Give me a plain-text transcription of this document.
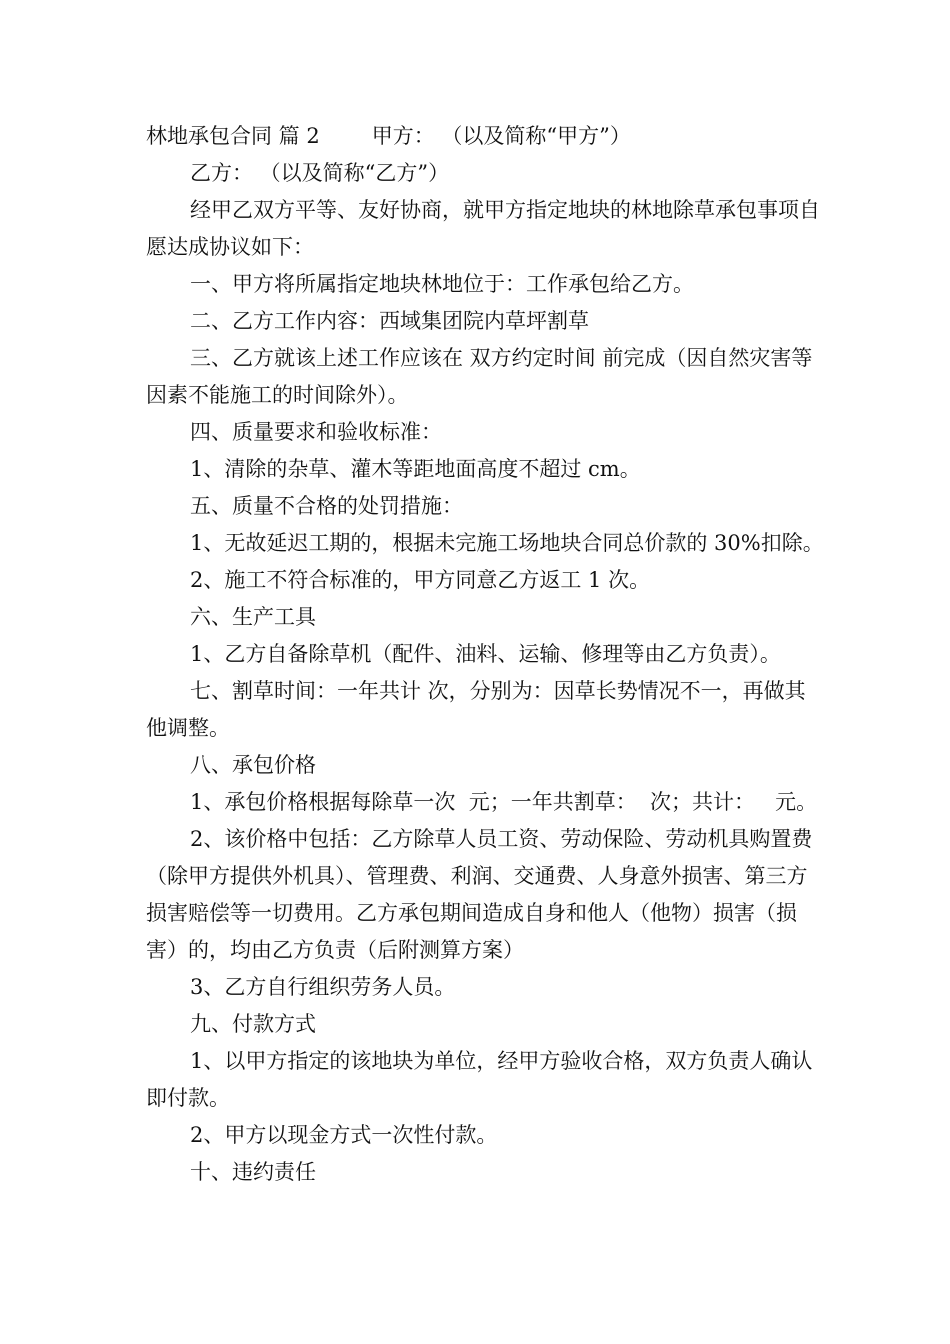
林地承包合同 篇 2 甲方： （以及简称“甲方”）

乙方： （以及简称“乙方”）

经甲乙双方平等、友好协商，就甲方指定地块的林地除草承包事项自愿达成协议如下：

一、甲方将所属指定地块林地位于：工作承包给乙方。

二、乙方工作内容：西域集团院内草坪割草

三、乙方就该上述工作应该在 双方约定时间 前完成（因自然灾害等因素不能施工的时间除外）。

四、质量要求和验收标准：

1、清除的杂草、灌木等距地面高度不超过 cm。

五、质量不合格的处罚措施：

1、无故延迟工期的，根据未完施工场地块合同总价款的 30%扣除。

2、施工不符合标准的，甲方同意乙方返工 1 次。

六、生产工具

1、乙方自备除草机（配件、油料、运输、修理等由乙方负责）。

七、割草时间：一年共计 次，分别为：因草长势情况不一，再做其他调整。

八、承包价格

1、承包价格根据每除草一次  元；一年共割草：  次；共计：   元。

2、该价格中包括：乙方除草人员工资、劳动保险、劳动机具购置费（除甲方提供外机具）、管理费、利润、交通费、人身意外损害、第三方损害赔偿等一切费用。乙方承包期间造成自身和他人（他物）损害（损害）的，均由乙方负责（后附测算方案）

3、乙方自行组织劳务人员。

九、付款方式

1、以甲方指定的该地块为单位，经甲方验收合格，双方负责人确认即付款。

2、甲方以现金方式一次性付款。

十、违约责任
